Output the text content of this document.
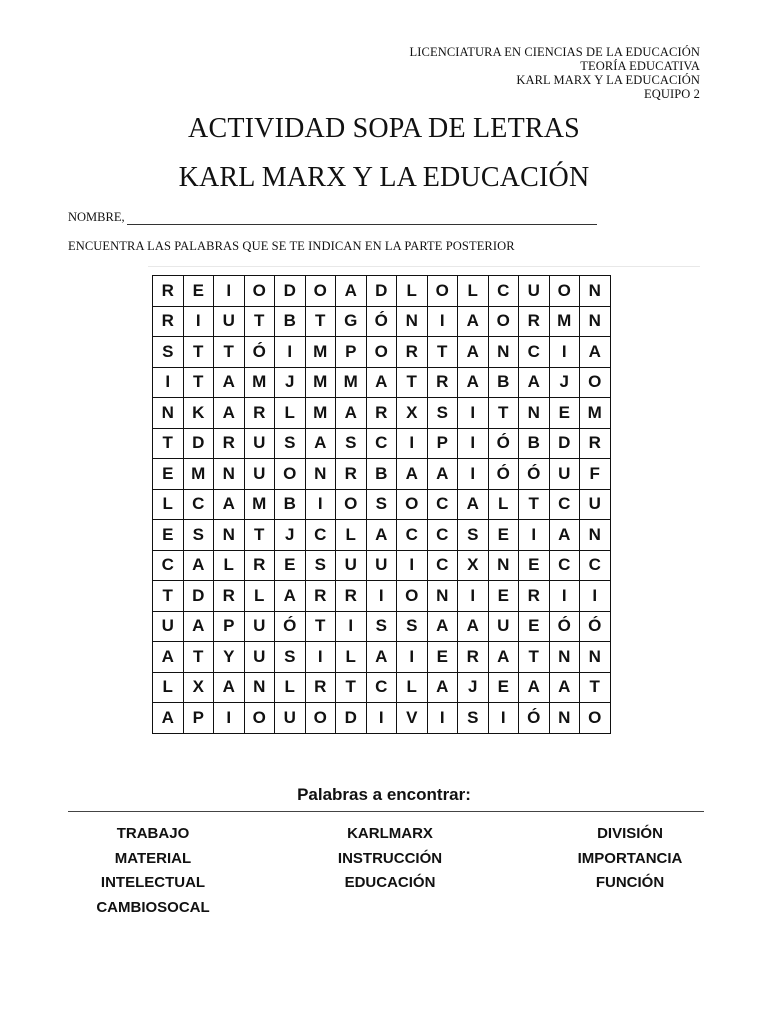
LICENCIATURA EN CIENCIAS DE LA EDUCACIÓN
TEORÍA EDUCATIVA
KARL MARX Y LA EDUCACIÓN
EQUIPO 2
ACTIVIDAD SOPA DE LETRAS
KARL MARX Y LA EDUCACIÓN
NOMBRE,
ENCUENTRA LAS PALABRAS QUE SE TE INDICAN EN LA PARTE POSTERIOR
R	E	I	O	D	O	A	D	L	O	L	C	U	O	N
R	I	U	T	B	T	G	Ó	N	I	A	O	R	M	N
S	T	T	Ó	I	M	P	O	R	T	A	N	C	I	A
I	T	A	M	J	M	M	A	T	R	A	B	A	J	O
N	K	A	R	L	M	A	R	X	S	I	T	N	E	M
T	D	R	U	S	A	S	C	I	P	I	Ó	B	D	R
E	M	N	U	O	N	R	B	A	A	I	Ó	Ó	U	F
L	C	A	M	B	I	O	S	O	C	A	L	T	C	U
E	S	N	T	J	C	L	A	C	C	S	E	I	A	N
C	A	L	R	E	S	U	U	I	C	X	N	E	C	C
T	D	R	L	A	R	R	I	O	N	I	E	R	I	I
U	A	P	U	Ó	T	I	S	S	A	A	U	E	Ó	Ó
A	T	Y	U	S	I	L	A	I	E	R	A	T	N	N
L	X	A	N	L	R	T	C	L	A	J	E	A	A	T
A	P	I	O	U	O	D	I	V	I	S	I	Ó	N	O
Palabras a encontrar:
TRABAJO
MATERIAL
INTELECTUAL
CAMBIOSOCAL
KARLMARX
INSTRUCCIÓN
EDUCACIÓN
DIVISIÓN
IMPORTANCIA
FUNCIÓN
